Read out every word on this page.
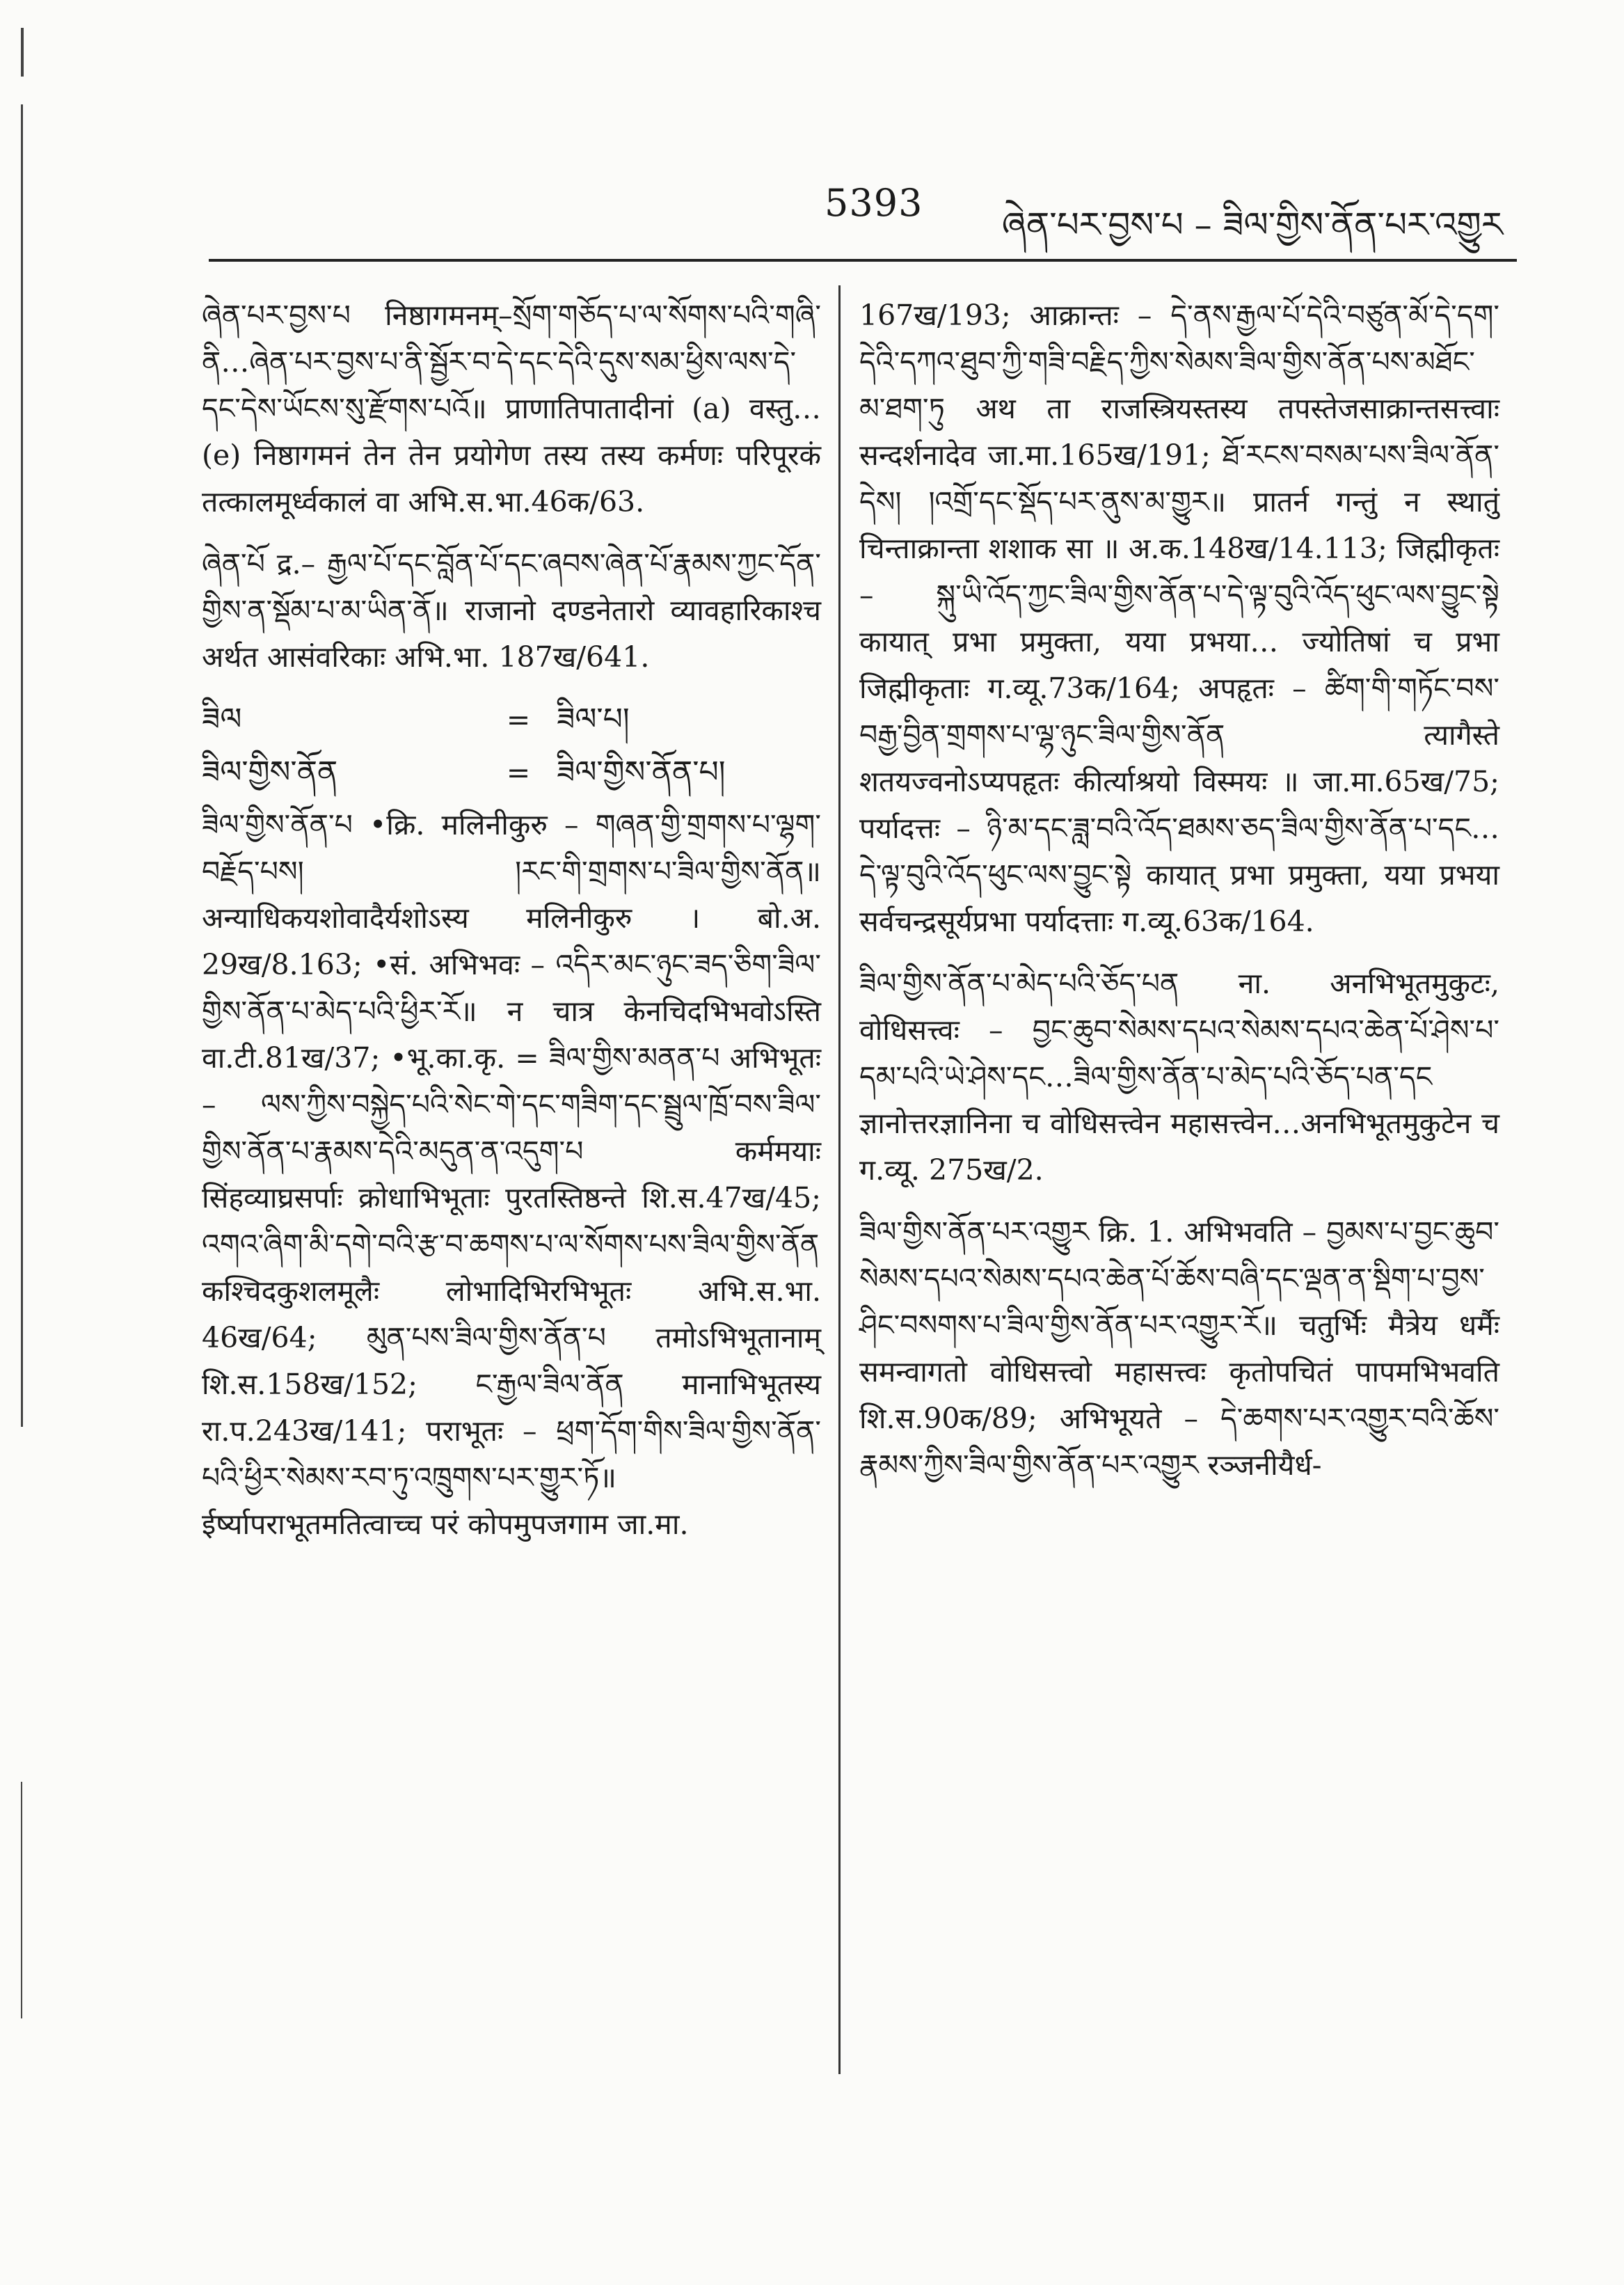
5393 ཞེན་པར་བྱས་པ – ཟིལ་གྱིས་ནོན་པར་འགྱུར

ཞེན་པར་བྱས་པ निष्ठागमनम्–སྲོག་གཅོད་པ་ལ་སོགས་པའི་གཞི་ནི…ཞེན་པར་བྱས་པ་ནི་སྦྱོར་བ་དེ་དང་དེའི་དུས་སམ་ཕྱིས་ལས་དེ་དང་དེས་ཡོངས་སུ་རྫོགས་པའོ॥ प्राणातिपातादीनां (a) वस्तु… (e) निष्ठागमनं तेन तेन प्रयोगेण तस्य तस्य कर्मणः परिपूरकं तत्कालमूर्ध्वकालं वा अभि.स.भा.46क/63.

ཞེན་པོ द्र.– རྒྱལ་པོ་དང་བློན་པོ་དང་ཞབས་ཞེན་པོ་རྣམས་ཀྱང་དོན་གྱིས་ན་སྡོམ་པ་མ་ཡིན་ནོ॥ राजानो दण्डनेतारो व्यावहारिकाश्च अर्थत आसंवरिकाः अभि.भा. 187ख/641.

ཟིལ	= ཟིལ་པ།
ཟིལ་གྱིས་ནོན	= ཟིལ་གྱིས་ནོན་པ།

ཟིལ་གྱིས་ནོན་པ •क्रि. मलिनीकुरु – གཞན་གྱི་གྲགས་པ་ལྷག་བརྗོད་པས། །རང་གི་གྲགས་པ་ཟིལ་གྱིས་ནོན॥ अन्याधिकयशोवादैर्यशोऽस्य मलिनीकुरु । बो.अ. 29ख/8.163; •सं. अभिभवः – འདིར་མང་ཉུང་ཟད་ཅིག་ཟིལ་གྱིས་ནོན་པ་མེད་པའི་ཕྱིར་རོ॥ न चात्र केनचिदभिभवोऽस्ति वा.टी.81ख/37; •भू.का.कृ. = ཟིལ་གྱིས་མནན་པ अभिभूतः – ལས་ཀྱིས་བསྐྱེད་པའི་སེང་གེ་དང་གཟིག་དང་སྦྲུལ་ཁྲོ་བས་ཟིལ་གྱིས་ནོན་པ་རྣམས་དེའི་མདུན་ན་འདུག་པ कर्ममयाः सिंहव्याघ्रसर्पाः क्रोधाभिभूताः पुरतस्तिष्ठन्ते शि.स.47ख/45; འགའ་ཞིག་མི་དགེ་བའི་རྩ་བ་ཆགས་པ་ལ་སོགས་པས་ཟིལ་གྱིས་ནོན कश्चिदकुशलमूलैः लोभादिभिरभिभूतः अभि.स.भा. 46ख/64; མུན་པས་ཟིལ་གྱིས་ནོན་པ तमोऽभिभूतानाम् शि.स.158ख/152; ང་རྒྱལ་ཟིལ་ནོན मानाभिभूतस्य रा.प.243ख/141; पराभूतः – ཕྲག་དོག་གིས་ཟིལ་གྱིས་ནོན་པའི་ཕྱིར་སེམས་རབ་ཏུ་འཁྲུགས་པར་གྱུར་ཏོ॥ ईर्ष्यापराभूतमतित्वाच्च परं कोपमुपजगाम जा.मा.

167ख/193; आक्रान्तः – དེ་ནས་རྒྱལ་པོ་དེའི་བཙུན་མོ་དེ་དག་དེའི་དཀའ་ཐུབ་ཀྱི་གཟི་བརྗིད་ཀྱིས་སེམས་ཟིལ་གྱིས་ནོན་པས་མཐོང་མ་ཐག་ཏུ अथ ता राजस्त्रियस्तस्य तपस्तेजसाक्रान्तसत्त्वाः सन्दर्शनादेव जा.मा.165ख/191; ཐོ་རངས་བསམ་པས་ཟིལ་ནོན་དེས། །འགྲོ་དང་སྡོད་པར་ནུས་མ་གྱུར॥ प्रातर्न गन्तुं न स्थातुं चिन्ताक्रान्ता शशाक सा ॥ अ.क.148ख/14.113; जिह्मीकृतः – སྐུ་ཡི་འོད་ཀྱང་ཟིལ་གྱིས་ནོན་པ་དེ་ལྟ་བུའི་འོད་ཕུང་ལས་བྱུང་སྟེ कायात् प्रभा प्रमुक्ता, यया प्रभया… ज्योतिषां च प्रभा जिह्मीकृताः ग.व्यू.73क/164; अपहृतः – ཚིག་གི་གཏོང་བས་བརྒྱ་བྱིན་གྲགས་པ་ལྷ་ཉུང་ཟིལ་གྱིས་ནོན त्यागैस्ते शतयज्वनोऽप्यपहृतः कीर्त्याश्रयो विस्मयः ॥ जा.मा.65ख/75; पर्यादत्तः – ཉི་མ་དང་ཟླ་བའི་འོད་ཐམས་ཅད་ཟིལ་གྱིས་ནོན་པ་དང… དེ་ལྟ་བུའི་འོད་ཕུང་ལས་བྱུང་སྟེ कायात् प्रभा प्रमुक्ता, यया प्रभया सर्वचन्द्रसूर्यप्रभा पर्यादत्ताः ग.व्यू.63क/164.

ཟིལ་གྱིས་ནོན་པ་མེད་པའི་ཅོད་པན ना. अनभिभूतमुकुटः, वोधिसत्त्वः – བྱང་ཆུབ་སེམས་དཔའ་སེམས་དཔའ་ཆེན་པོ་ཤེས་པ་དམ་པའི་ཡེ་ཤེས་དང…ཟིལ་གྱིས་ནོན་པ་མེད་པའི་ཅོད་པན་དང ज्ञानोत्तरज्ञानिना च वोधिसत्त्वेन महासत्त्वेन…अनभिभूतमुकुटेन च ग.व्यू. 275ख/2.

ཟིལ་གྱིས་ནོན་པར་འགྱུར क्रि. 1. अभिभवति – བྱམས་པ་བྱང་ཆུབ་སེམས་དཔའ་སེམས་དཔའ་ཆེན་པོ་ཆོས་བཞི་དང་ལྡན་ན་སྡིག་པ་བྱས་ཤིང་བསགས་པ་ཟིལ་གྱིས་ནོན་པར་འགྱུར་རོ॥ चतुर्भिः मैत्रेय धर्मैः समन्वागतो वोधिसत्त्वो महासत्त्वः कृतोपचितं पापमभिभवति शि.स.90क/89; अभिभूयते – དེ་ཆགས་པར་འགྱུར་བའི་ཆོས་རྣམས་ཀྱིས་ཟིལ་གྱིས་ནོན་པར་འགྱུར रञ्जनीयैर्ध-
